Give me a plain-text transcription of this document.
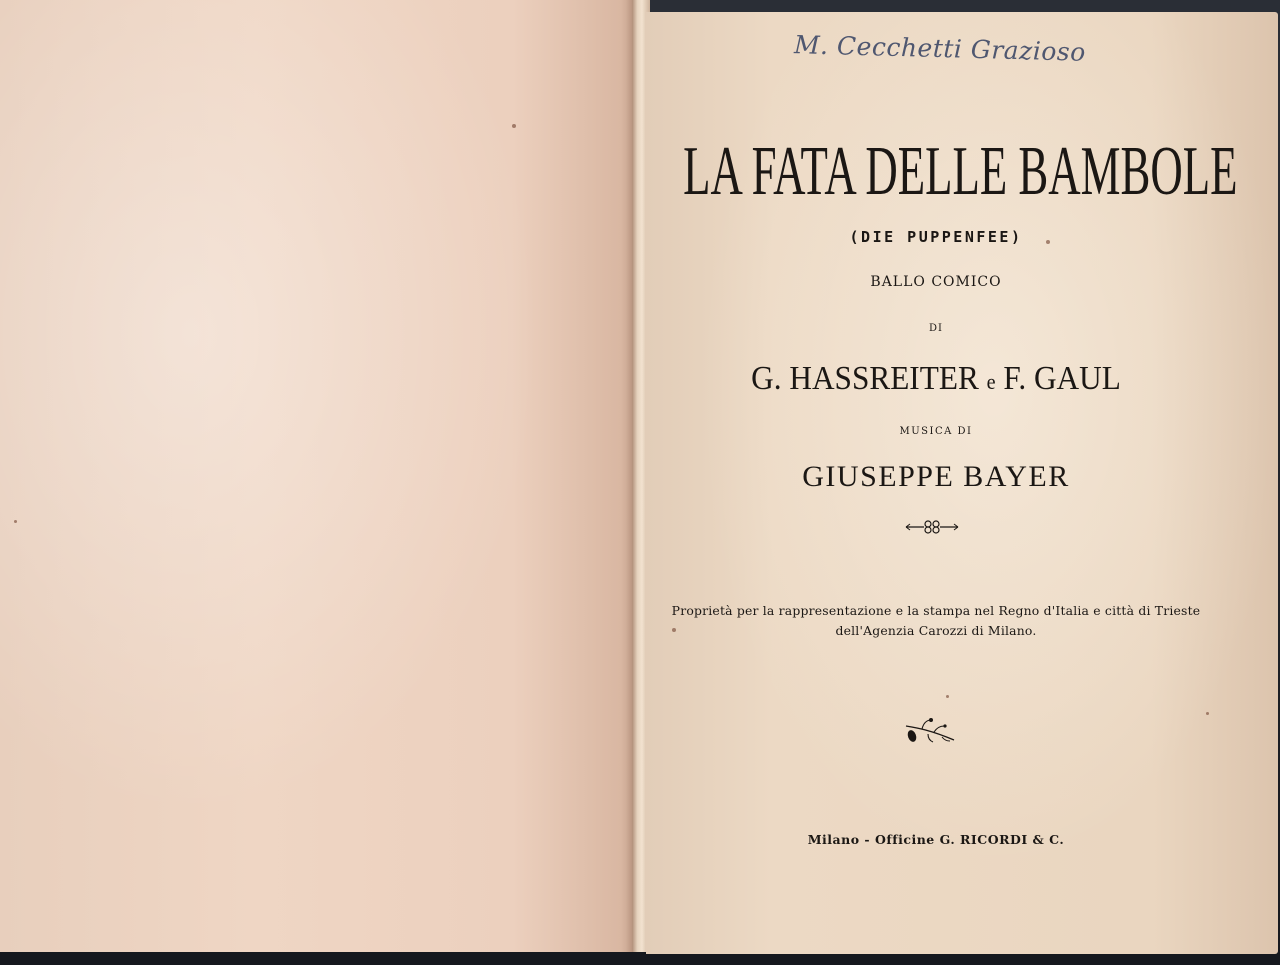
M. Cecchetti Grazioso
LA FATA DELLE BAMBOLE
(DIE PUPPENFEE)
BALLO COMICO
DI
G. HASSREITER e F. GAUL
MUSICA DI
GIUSEPPE BAYER
Proprietà per la rappresentazione e la stampa nel Regno d'Italia e città di Trieste
dell'Agenzia Carozzi di Milano.
Milano - Officine G. RICORDI & C.
